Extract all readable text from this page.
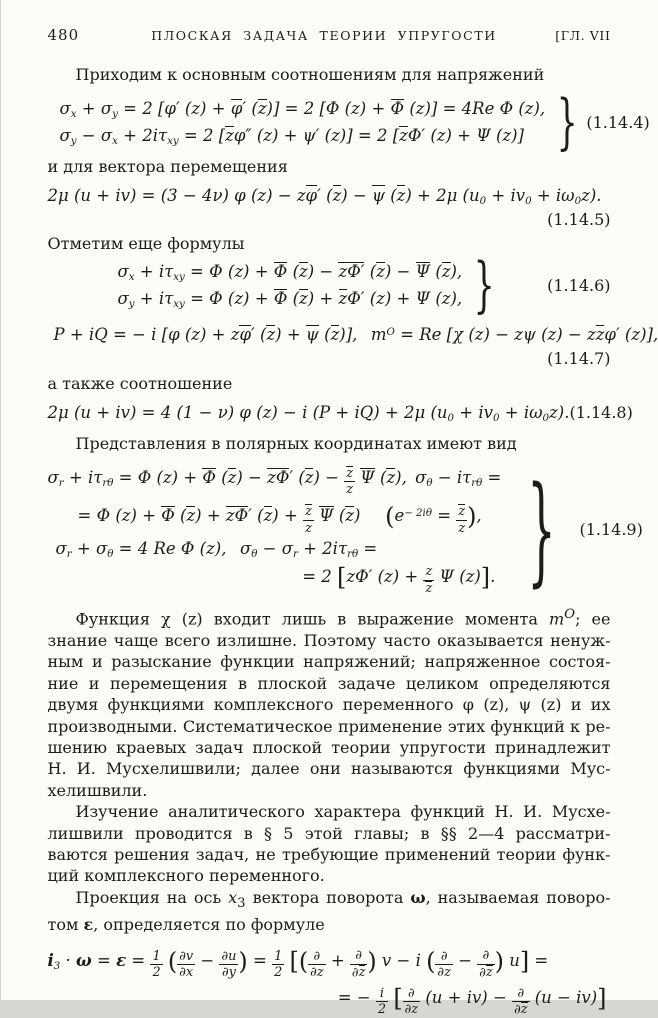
480	ПЛОСКАЯ ЗАДАЧА ТЕОРИИ УПРУГОСТИ	[ГЛ. VII
Приходим к основным соотношениям для напряжений
$\sigma_x + \sigma_y = 2$ [φ′ (z) + φ′ (z)] = 2 [Φ (z) + Φ (z)] = 4Re Φ (z),
$\sigma_y - \sigma_x + 2i\tau_{xy} = 2$ [zφ″ (z) + ψ′ (z)] = 2 [zΦ′ (z) + Ψ (z)] } (1.14.4)
и для вектора перемещения
2μ (u + iv) = (3 − 4ν) φ (z) − zφ′ (z) − ψ (z) + 2μ $(u_0 + iv_0 + i\omega_0z)$.
(1.14.5)
Отметим еще формулы
$\sigma_x + i\tau_{xy} = \Phi$ (z) + Φ (z) − zΦ′ (z) − Ψ (z),
$\sigma_y + i\tau_{xy} = \Phi$ (z) + Φ (z) + zΦ′ (z) + Ψ (z), }	(1.14.6)
P + iQ = − i [φ (z) + zφ′ (z) + ψ (z)],  $m^O = Re$ [χ (z) − zψ (z) − zzφ′ (z)],
(1.14.7)
а также соотношение
2μ (u + iv) = 4 (1 − ν) φ (z) − i (P + iQ) + 2μ $(u_0 + iv_0 + i\omega_0z)$. (1.14.8)
Представления в полярных координатах имеют вид
$\sigma_r + i\tau_{r\theta} = \Phi$ (z) + Φ (z) − zΦ′ $(z) - \frac{z}{z}$ Ψ (z), $\sigma_\theta - i\tau_{r\theta}$ =
= Φ (z) + Φ (z) + zΦ′ $(z) + \frac{z}{z}$ Ψ (z)  ($e^{- 2i\theta} = \frac{z}{z}$ ),
$\sigma_r + \sigma_\theta = 4$ Re Φ (z),  $\sigma_\theta - \sigma_r + 2i\tau_{r\theta}$ =
= 2 [zΦ′ $(z) + \frac{z}{z}$ Ψ (z)]. } (1.14.9)
Функция χ (z) входит лишь в выражение момента $m^O$; ее
знание чаще всего излишне. Поэтому часто оказывается ненуж-
ным и разыскание функции напряжений; напряженное состоя-
ние и перемещения в плоской задаче целиком определяются
двумя функциями комплексного переменного φ (z), ψ (z) и их
производными. Систематическое применение этих функций к ре-
шению краевых задач плоской теории упругости принадлежит
Н. И. Мусхелишвили; далее они называются функциями Мус-
хелишвили.
Изучение аналитического характера функций Н. И. Мусхе-
лишвили проводится в § 5 этой главы; в §§ 2—4 рассматри-
ваются решения задач, не требующие применений теории функ-
ций комплексного переменного.
Проекция на ось $x_3$ вектора поворота ω, называемая поворо-
том ε, определяется по формуле
$i_3 \cdot \omega = \varepsilon = \frac{1}{2}$ ( $\frac{\partial v}{\partial x} - \frac{\partial u}{\partial y}$ ) = $\frac{1}{2}$ [( ∂
∂z
+ ∂
∂z ) v − i ( ∂
∂z
− ∂
∂z ) u] =
= − $\frac{i}{2}$ [ ∂
∂z
(u + iv) − ∂
∂z
(u − iv)]
